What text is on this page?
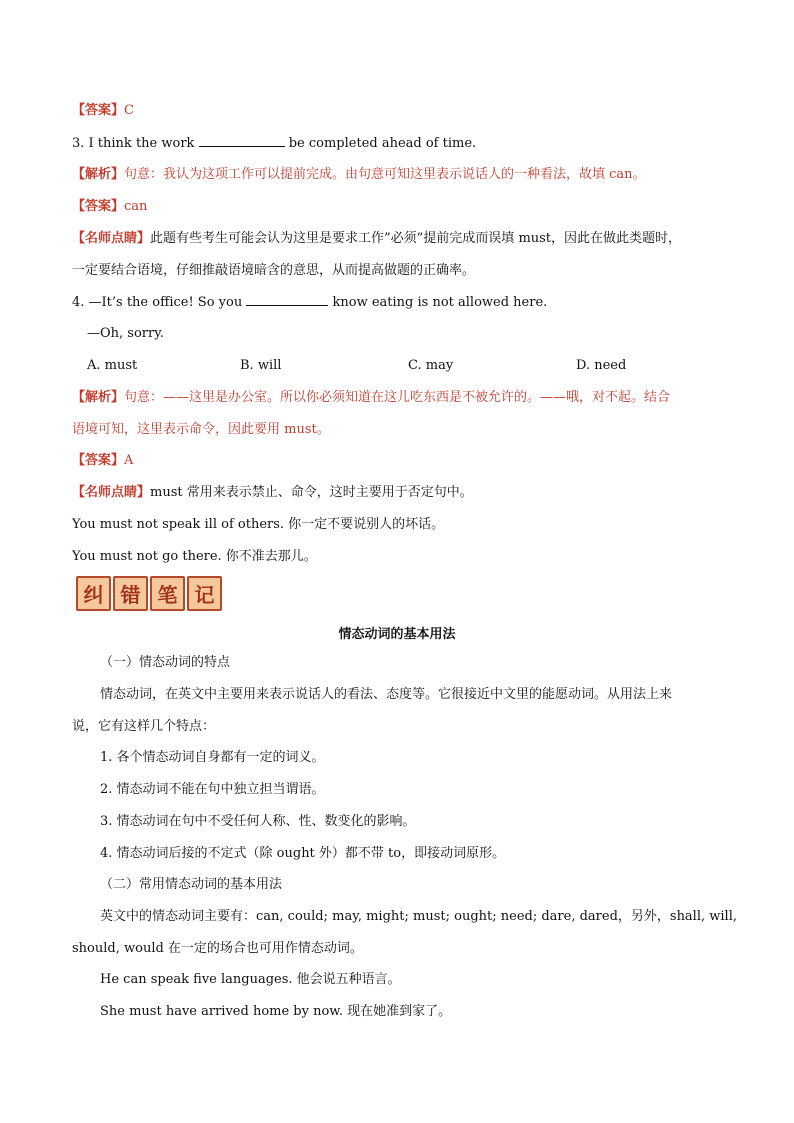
【答案】C
3. I think the work	be completed ahead of time.
【解析】句意：我认为这项工作可以提前完成。由句意可知这里表示说话人的一种看法，故填 can。
【答案】can
【名师点睛】此题有些考生可能会认为这里是要求工作”必须”提前完成而误填 must，因此在做此类题时，
一定要结合语境，仔细推敲语境暗含的意思，从而提高做题的正确率。
4. —It’s the office! So you	know eating is not allowed here.
—Oh, sorry.
A. must	B. will	C. may	D. need
【解析】句意：——这里是办公室。所以你必须知道在这儿吃东西是不被允许的。——哦，对不起。结合
语境可知，这里表示命令，因此要用 must。
【答案】A
【名师点睛】must 常用来表示禁止、命令，这时主要用于否定句中。
You must not speak ill of others. 你一定不要说别人的坏话。
You must not go there. 你不准去那儿。
纠 错 笔 记
情态动词的基本用法
（一）情态动词的特点
情态动词，在英文中主要用来表示说话人的看法、态度等。它很接近中文里的能愿动词。从用法上来
说，它有这样几个特点：
1. 各个情态动词自身都有一定的词义。
2. 情态动词不能在句中独立担当谓语。
3. 情态动词在句中不受任何人称、性、数变化的影响。
4. 情态动词后接的不定式（除 ought 外）都不带 to，即接动词原形。
（二）常用情态动词的基本用法
英文中的情态动词主要有：can, could; may, might; must; ought; need; dare, dared，另外，shall, will,
should, would 在一定的场合也可用作情态动词。
He can speak five languages. 他会说五种语言。
She must have arrived home by now. 现在她准到家了。
